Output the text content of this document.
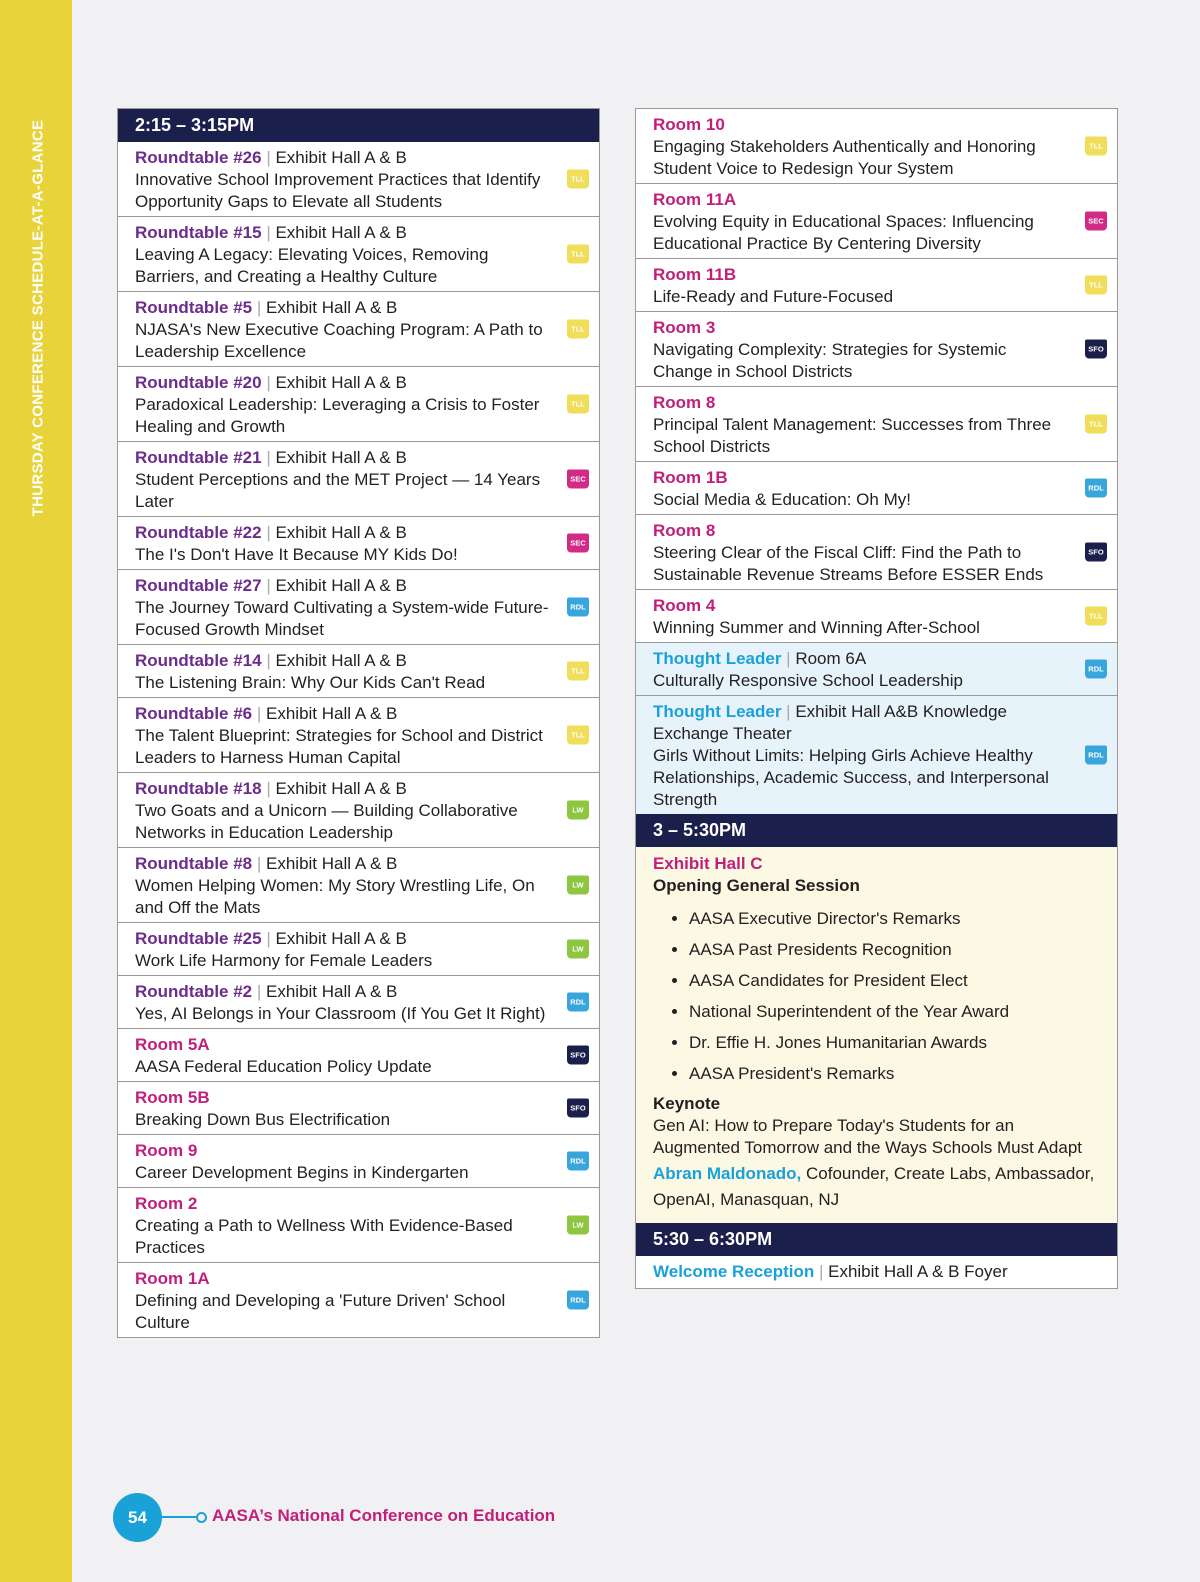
THURSDAY CONFERENCE SCHEDULE-AT-A-GLANCE	2:15 – 3:15PM
Roundtable #26 | Exhibit Hall A & B
Innovative School Improvement Practices that Identify Opportunity Gaps to Elevate all Students
TLL
Roundtable #15 | Exhibit Hall A & B
Leaving A Legacy: Elevating Voices, Removing Barriers, and Creating a Healthy Culture
TLL
Roundtable #5 | Exhibit Hall A & B
NJASA's New Executive Coaching Program: A Path to Leadership Excellence
TLL
Roundtable #20 | Exhibit Hall A & B
Paradoxical Leadership: Leveraging a Crisis to Foster Healing and Growth
TLL
Roundtable #21 | Exhibit Hall A & B
Student Perceptions and the MET Project — 14 Years Later
SEC
Roundtable #22 | Exhibit Hall A & B
The I's Don't Have It Because MY Kids Do!
SEC
Roundtable #27 | Exhibit Hall A & B
The Journey Toward Cultivating a System-wide Future-Focused Growth Mindset
RDL
Roundtable #14 | Exhibit Hall A & B
The Listening Brain: Why Our Kids Can't Read
TLL
Roundtable #6 | Exhibit Hall A & B
The Talent Blueprint: Strategies for School and District Leaders to Harness Human Capital
TLL
Roundtable #18 | Exhibit Hall A & B
Two Goats and a Unicorn — Building Collaborative Networks in Education Leadership
LW
Roundtable #8 | Exhibit Hall A & B
Women Helping Women: My Story Wrestling Life, On and Off the Mats
LW
Roundtable #25 | Exhibit Hall A & B
Work Life Harmony for Female Leaders
LW
Roundtable #2 | Exhibit Hall A & B
Yes, AI Belongs in Your Classroom (If You Get It Right)
RDL
Room 5A
AASA Federal Education Policy Update
SFO
Room 5B
Breaking Down Bus Electrification
SFO
Room 9
Career Development Begins in Kindergarten
RDL
Room 2
Creating a Path to Wellness With Evidence-Based Practices
LW
Room 1A
Defining and Developing a 'Future Driven' School Culture
RDL
Room 10
Engaging Stakeholders Authentically and Honoring Student Voice to Redesign Your System
TLL
Room 11A
Evolving Equity in Educational Spaces: Influencing Educational Practice By Centering Diversity
SEC
Room 11B
Life-Ready and Future-Focused
TLL
Room 3
Navigating Complexity: Strategies for Systemic Change in School Districts
SFO
Room 8
Principal Talent Management: Successes from Three School Districts
TLL
Room 1B
Social Media & Education: Oh My!
RDL
Room 8
Steering Clear of the Fiscal Cliff: Find the Path to Sustainable Revenue Streams Before ESSER Ends
SFO
Room 4
Winning Summer and Winning After-School
TLL
Thought Leader | Room 6A
Culturally Responsive School Leadership
RDL
Thought Leader | Exhibit Hall A&B Knowledge Exchange Theater
Girls Without Limits: Helping Girls Achieve Healthy Relationships, Academic Success, and Interpersonal Strength
RDL
3 – 5:30PM
Exhibit Hall C
Opening General Session
• AASA Executive Director's Remarks
• AASA Past Presidents Recognition
• AASA Candidates for President Elect
• National Superintendent of the Year Award
• Dr. Effie H. Jones Humanitarian Awards
• AASA President's Remarks
Keynote
Gen AI: How to Prepare Today's Students for an Augmented Tomorrow and the Ways Schools Must Adapt
Abran Maldonado, Cofounder, Create Labs, Ambassador, OpenAI, Manasquan, NJ
5:30 – 6:30PM
Welcome Reception | Exhibit Hall A & B Foyer
54	AASA’s National Conference on Education
